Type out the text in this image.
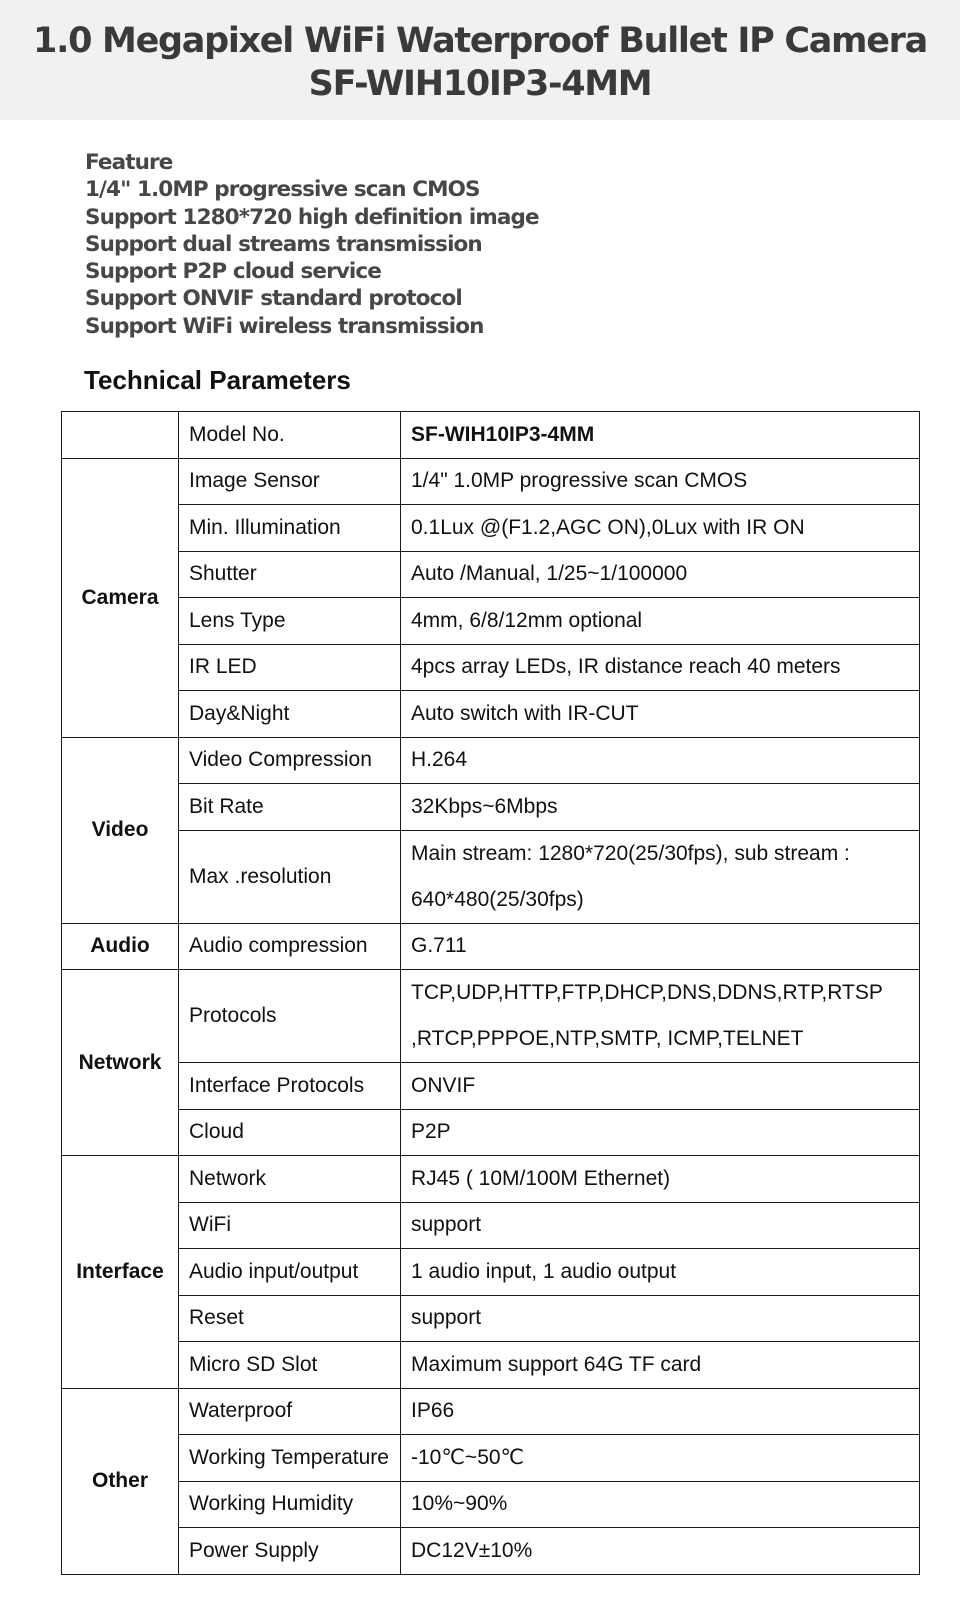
1.0 Megapixel WiFi Waterproof Bullet IP Camera
SF-WIH10IP3-4MM
Feature
1/4" 1.0MP progressive scan CMOS
Support 1280*720 high definition image
Support dual streams transmission
Support P2P cloud service
Support ONVIF standard protocol
Support WiFi wireless transmission
Technical Parameters
	Model No.	SF-WIH10IP3-4MM
Camera	Image Sensor	1/4" 1.0MP progressive scan CMOS
	Min. Illumination	0.1Lux @(F1.2,AGC ON),0Lux with IR ON
	Shutter	Auto /Manual, 1/25~1/100000
	Lens Type	4mm, 6/8/12mm optional
	IR LED	4pcs array LEDs, IR distance reach 40 meters
	Day&Night	Auto switch with IR-CUT
Video	Video Compression	H.264
	Bit Rate	32Kbps~6Mbps
	Max .resolution	Main stream: 1280*720(25/30fps), sub stream :
640*480(25/30fps)

Audio	Audio compression	G.711
Network	Protocols	TCP,UDP,HTTP,FTP,DHCP,DNS,DDNS,RTP,RTSP
,RTCP,PPPOE,NTP,SMTP, ICMP,TELNET

	Interface Protocols	ONVIF
	Cloud	P2P
Interface	Network	RJ45 ( 10M/100M Ethernet)
	WiFi	support
	Audio input/output	1 audio input, 1 audio output
	Reset	support
	Micro SD Slot	Maximum support 64G TF card
Other	Waterproof	IP66
	Working Temperature	-10℃~50℃
	Working Humidity	10%~90%
	Power Supply	DC12V±10%
